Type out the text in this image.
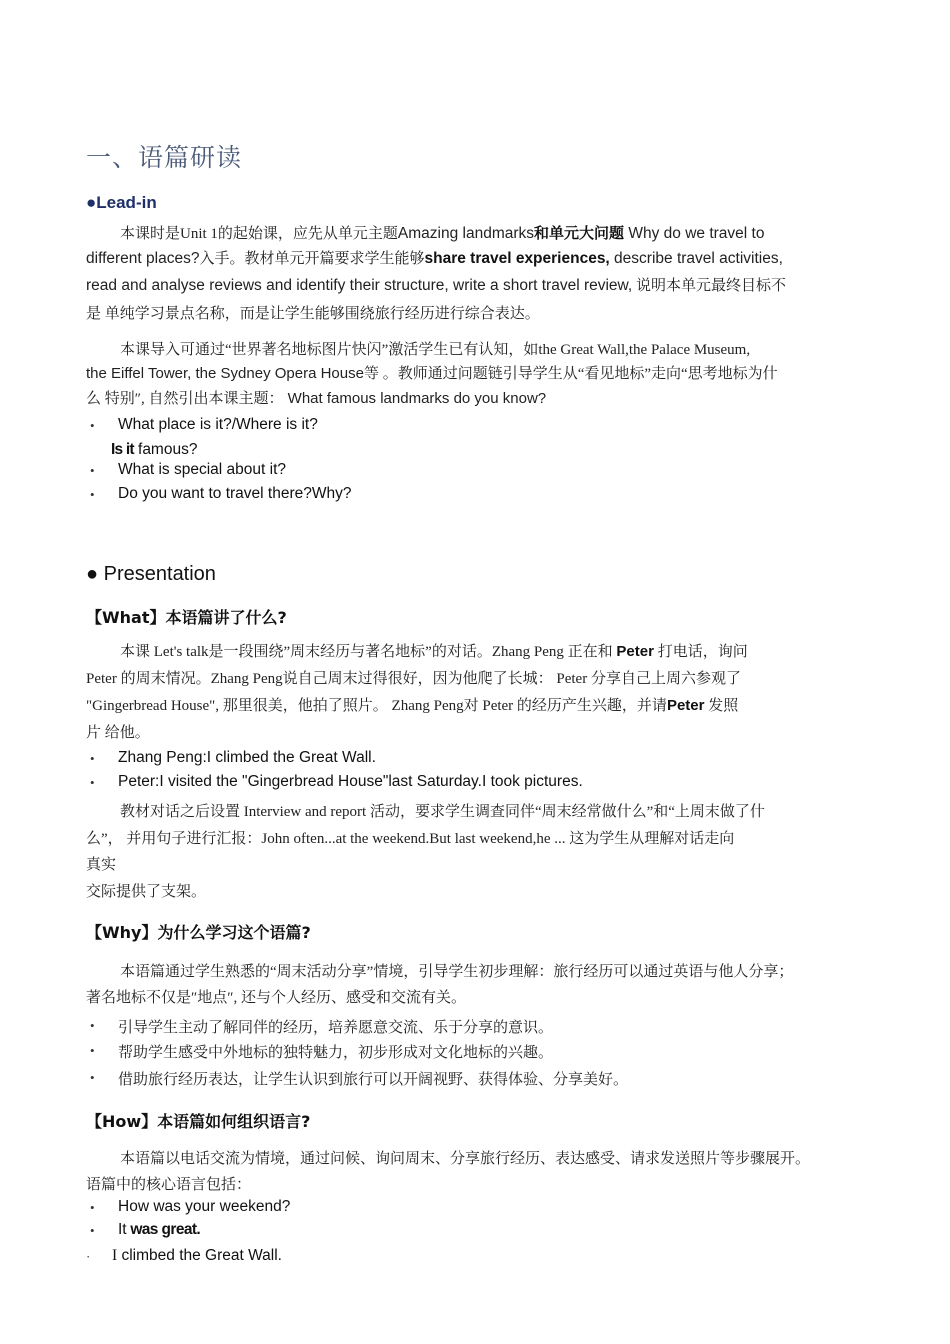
一、语篇研读
●Lead-in
本课时是Unit 1的起始课，应先从单元主题Amazing landmarks和单元大问题 Why do we travel to
different places?入手。教材单元开篇要求学生能够share travel experiences, describe travel activities,
read and analyse reviews and identify their structure, write a short travel review, 说明本单元最终目标不
是 单纯学习景点名称，而是让学生能够围绕旅行经历进行综合表达。
本课导入可通过“世界著名地标图片快闪”激活学生已有认知，如the Great Wall,the Palace Museum,
the Eiffel Tower, the Sydney Opera House等 。教师通过问题链引导学生从“看见地标”走向“思考地标为什
么 特别″, 自然引出本课主题： What famous landmarks do you know?
• What place is it?/Where is it?
Is it famous?
• What is special about it?
• Do you want to travel there?Why?
● Presentation
【What】本语篇讲了什么?
本课 Let's talk是一段围绕”周末经历与著名地标”的对话。Zhang Peng 正在和 Peter 打电话，询问
Peter 的周末情况。Zhang Peng说自己周末过得很好，因为他爬了长城： Peter 分享自己上周六参观了
"Gingerbread House", 那里很美，他拍了照片。 Zhang Peng对 Peter 的经历产生兴趣，并请Peter 发照
片 给他。
• Zhang Peng:I climbed the Great Wall.
• Peter:I visited the "Gingerbread House"last Saturday.I took pictures.
教材对话之后设置 Interview and report 活动，要求学生调查同伴“周末经常做什么”和“上周末做了什
么”， 并用句子进行汇报：John often...at the weekend.But last weekend,he ... 这为学生从理解对话走向
真实
交际提供了支架。
【Why】为什么学习这个语篇?
本语篇通过学生熟悉的“周末活动分享”情境，引导学生初步理解：旅行经历可以通过英语与他人分享；
著名地标不仅是″地点″, 还与个人经历、感受和交流有关。
• 引导学生主动了解同伴的经历，培养愿意交流、乐于分享的意识。
• 帮助学生感受中外地标的独特魅力，初步形成对文化地标的兴趣。
• 借助旅行经历表达，让学生认识到旅行可以开阔视野、获得体验、分享美好。
【How】本语篇如何组织语言?
本语篇以电话交流为情境，通过问候、询问周末、分享旅行经历、表达感受、请求发送照片等步骤展开。
语篇中的核心语言包括：
• How was your weekend?
• It was great.
· I climbed the Great Wall.
